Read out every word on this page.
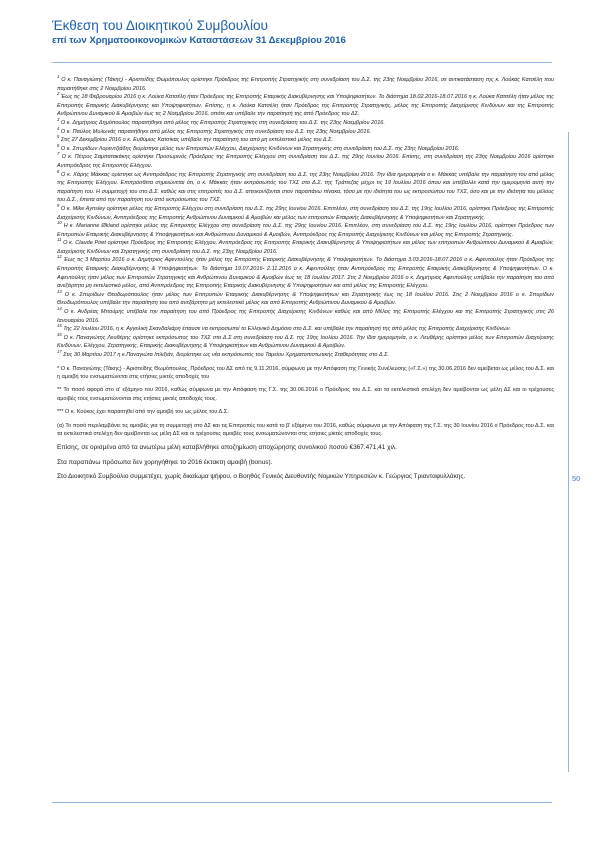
Έκθεση του Διοικητικού Συμβουλίου
επί των Χρηματοοικονομικών Καταστάσεων 31 Δεκεμβρίου 2016
50

$^1$ Ο κ. Παναγιώτης (Τάκης) - Αριστείδης Θωμόπουλος ορίστηκε Πρόεδρος της Επιτροπής Στρατηγικής στη συνεδρίαση του Δ.Σ. της 23ης Νοεμβρίου 2016, σε αντικατάσταση της κ. Λούκας Κατσέλη που παραιτήθηκε στις 2 Νοεμβρίου 2016.

$^2$ Έως τις 18 Φεβρουαρίου 2016 η κ. Λούκα Κατσέλη ήταν Πρόεδρος της Επιτροπής Εταιρικής Διακυβέρνησης και Υποψηφιοτήτων. Το διάστημα 18.02.2016-18.07.2016 η κ. Λούκα Κατσέλη ήταν μέλος της Επιτροπής Εταιρικής Διακυβέρνησης και Υποψηφιοτήτων. Επίσης, η κ. Λούκα Κατσέλη ήταν Πρόεδρος της Επιτροπής Στρατηγικής, μέλος της Επιτροπής Διαχείρισης Κινδύνων και της Επιτροπής Ανθρώπινου Δυναμικού & Αμοιβών έως τις 2 Νοεμβρίου 2016, οπότε και υπέβαλε την παραίτησή της από Πρόεδρος του ΔΣ.

$^3$ Ο κ. Δημήτριος Δημόπουλος παραιτήθηκε από μέλος της Επιτροπής Στρατηγικής στη συνεδρίαση του Δ.Σ. της 23ης Νοεμβρίου 2016.

$^4$ Ο κ. Παύλος Μυλωνάς παραιτήθηκε από μέλος της Επιτροπής Στρατηγικής στη συνεδρίαση του Δ.Σ. της 23ης Νοεμβρίου 2016.

$^5$ Στις 27 Δεκεμβρίου 2016 ο κ. Ευθύμιος Κατσίκας υπέβαλε την παραίτησή του από μη εκτελεστικό μέλος του Δ.Σ.

$^6$ Ο κ. Σπυρίδων Λορεντζιάδης διορίστηκε μέλος των Επιτροπών Ελέγχου, Διαχείρισης Κινδύνων και Στρατηγικής στη συνεδρίαση του Δ.Σ. της 23ης Νοεμβρίου 2016.

$^7$ Ο κ. Πέτρος Σαμπατακάκης ορίστηκε Προσωρινός Πρόεδρος της Επιτροπής Ελέγχου στη συνεδρίαση του Δ.Σ. της 29ης Ιουνίου 2016. Επίσης, στη συνεδρίαση της 23ης Νοεμβρίου 2016 ορίστηκε Αντιπρόεδρος της Επιτροπής Ελέγχου.

$^8$ Ο κ. Χάρης Μάκκας ορίστηκε ως Αντιπρόεδρος της Επιτροπής Στρατηγικής στη συνεδρίαση του Δ.Σ. της 23ης Νοεμβρίου 2016. Την ίδια ημερομηνία ο κ. Μάκκας υπέβαλε την παραίτηση του από μέλος της Επιτροπής Ελέγχου. Επιπρόσθετα σημειώνεται ότι, ο κ. Μάκκας ήταν εκπρόσωπός του ΤΧΣ στο Δ.Σ. της Τράπεζας μέχρι τις 19 Ιουλίου 2016 όπου και υπέβαλλε κατά την ημερομηνία αυτή την παραίτηση του. Η συμμετοχή του στο Δ.Σ. καθώς και στις επιτροπές του Δ.Σ. απεικονίζονται στον παραπάνω πίνακα, τόσο με την ιδιότητα του ως εκπροσώπου του ΤΧΣ, όσο και με την ιδιότητα του μέλους του Δ.Σ., έπειτα από την παραίτηση του από εκπρόσωπος του ΤΧΣ.

$^9$ Ο κ. Mike Aynsley ορίστηκε μέλος της Επιτροπής Ελέγχου στη συνεδρίαση του Δ.Σ. της 29ης Ιουνίου 2016. Επιπλέον, στη συνεδρίαση του Δ.Σ. της 19ης Ιουλίου 2016, ορίστηκε Πρόεδρος της Επιτροπής Διαχείρισης Κινδύνων, Αντιπρόεδρος της Επιτροπής Ανθρώπινου Δυναμικού & Αμοιβών και μέλος των επιτροπών Εταιρικής Διακυβέρνησης & Υποψηφιοτήτων και Στρατηγικής.

$^{10}$ Η κ. Marianne Økland ορίστηκε μέλος της Επιτροπής Ελέγχου στη συνεδρίαση του Δ.Σ. της 29ης Ιουνίου 2016. Επιπλέον, στη συνεδρίαση του Δ.Σ. της 19ης Ιουλίου 2016, ορίστηκε Πρόεδρος των Επιτροπών Εταιρικής Διακυβέρνησης & Υποψηφιοτήτων και Ανθρώπινου Δυναμικού & Αμοιβών, Αντιπρόεδρος της Επιτροπής Διαχείρισης Κινδύνων και μέλος της Επιτροπής Στρατηγικής.

$^{11}$ Ο κ. Claude Piret ορίστηκε Πρόεδρος της Επιτροπής Ελέγχου, Αντιπρόεδρος της Επιτροπής Εταιρικής Διακυβέρνησης & Υποψηφιοτήτων και μέλος των επιτροπών Ανθρώπινου Δυναμικού & Αμοιβών, Διαχείρισης Κινδύνων και Στρατηγικής στη συνεδρίαση του Δ.Σ. της 23ης Νοεμβρίου 2016.

$^{12}$ Έως τις 3 Μαρτίου 2016 ο κ. Δημήτριος Αφεντούλης ήταν μέλος της Επιτροπής Εταιρικής Διακυβέρνησης & Υποψηφιοτήτων. Το διάστημα 3.03.2016-18.07.2016 ο κ. Αφεντούλης ήταν Πρόεδρος της Επιτροπής Εταιρικής Διακυβέρνησης & Υποψηφιοτήτων. Το διάστημα 19.07.2016- 2.11.2016 ο κ. Αφεντούλης ήταν Αντιπρόεδρος της Επιτροπής Εταιρικής Διακυβέρνησης & Υποψηφιοτήτων. Ο κ. Αφεντούλης ήταν μέλος των Επιτροπών Στρατηγικής και Ανθρώπινου Δυναμικού & Αμοιβών έως τις 18 Ιουλίου 2017. Στις 2 Νοεμβρίου 2016 ο κ. Δημήτριος Αφεντούλης υπέβαλε την παραίτηση του από ανεξάρτητο μη εκτελεστικό μέλος, από Αντιπρόεδρος της Επιτροπής Εταιρικής Διακυβέρνησης & Υποψηφιοτήτων και από μέλος της Επιτροπής Ελέγχου.

$^{13}$ Ο κ. Σπυρίδων Θεοδωρόπουλος ήταν μέλος των Επιτροπών Εταιρικής Διακυβέρνησης & Υποψηφιοτήτων και Στρατηγικής έως τις 18 Ιουλίου 2016. Στις 2 Νοεμβρίου 2016 ο κ. Σπυρίδων Θεοδωρόπουλος υπέβαλε την παραίτηση του από ανεξάρτητο μη εκτελεστικό μέλος και από Επιτροπής Ανθρώπινου Δυναμικού & Αμοιβών.

$^{14}$ Ο κ. Ανδρέας Μπούμης υπέβαλε την παραίτηση του από Πρόεδρος της Επιτροπής Διαχείρισης Κινδύνων καθώς και από Μέλος της Επιτροπής Ελέγχου και της Επιτροπής Στρατηγικής στις 26 Ιανουαρίου 2016.

$^{15}$ Της 22 Ιουλίου 2016, η κ. Αγγελική Σκανδαλιάρη έπαυσε να εκπροσωπεί το Ελληνικό Δημόσιο στο Δ.Σ. και υπέβαλε την παραίτησή της από μέλος της Επιτροπής Διαχείρισης Κινδύνων.

$^{16}$ Ο κ. Παναγιώτης Λευθέρης ορίστηκε εκπρόσωπος του ΤΧΣ στο Δ.Σ στη συνεδρίαση του Δ.Σ. της 19ης Ιουλίου 2016. Την ίδια ημερομηνία, ο κ. Λευθέρης ορίστηκε μέλος των Επιτροπών Διαχείρισης Κινδύνων, Ελέγχου, Στρατηγικής, Εταιρικής Διακυβέρνησης & Υποψηφιοτήτων και Ανθρώπινου Δυναμικού & Αμοιβών.

$^{17}$ Στις 30 Μαρτίου 2017 η κ.Παναγιώτα Ιπλιξιάν, διορίστηκε ως νέα εκπρόσωπος του Ταμείου Χρηματοπιστωτικής Σταθερότητας στο Δ.Σ.

* Ο κ. Παναγιώτης (Τάκης) - Αριστείδης Θωμόπουλος, Πρόεδρος του ΔΣ από τις 9.11.2016, σύμφωνα με την Απόφαση της Γενικής Συνέλευσης («Γ.Σ.») της 30.06.2016 δεν αμείβεται ως μέλος του Δ.Σ. και η αμοιβή του ενσωματώνεται στις ετήσιες μικτές αποδοχές του

** Το ποσό αφορά στο α' εξάμηνο του 2016, καθώς σύμφωνα με την Απόφαση της Γ.Σ. της 30.06.2016 ο Πρόεδρος του Δ.Σ. και τα εκτελεστικά στελέχη δεν αμείβονται ως μέλη ΔΣ και οι τρέχουσες αμοιβές τους ενσωματώνονται στις ετήσιες μικτές αποδοχές τους.

*** Ο κ. Κούκος έχει παραιτηθεί από την αμοιβή του ως μέλος του Δ.Σ.

(α) Το ποσό περιλαμβάνει τις αμοιβές για τη συμμετοχή στο ΔΣ και τις Επιτροπές του κατά το β' εξάμηνο του 2016, καθώς σύμφωνα με την Απόφαση της Γ.Σ. της 30 Ιουνίου 2016 ο Πρόεδρος του Δ.Σ. και τα εκτελεστικά στελέχη δεν αμείβονται ως μέλη ΔΣ και οι τρέχουσες αμοιβές τους ενσωματώνονται στις ετήσιες μικτές αποδοχές τους.

Επίσης, σε ορισμένα από τα ανωτέρω μέλη καταβλήθηκε αποζημίωση αποχώρησης συνολικού ποσού €367.471,41 χιλ.

Στα παραπάνω πρόσωπα δεν χορηγήθηκε το 2016 έκτακτη αμοιβή (bonus).

Στο Διοικητικό Συμβούλιο συμμετέχει, χωρίς δικαίωμα ψήφου, ο Βοηθός Γενικός Διευθυντής Νομικών Υπηρεσιών κ. Γεώργιος Τριανταφυλλάκης.
